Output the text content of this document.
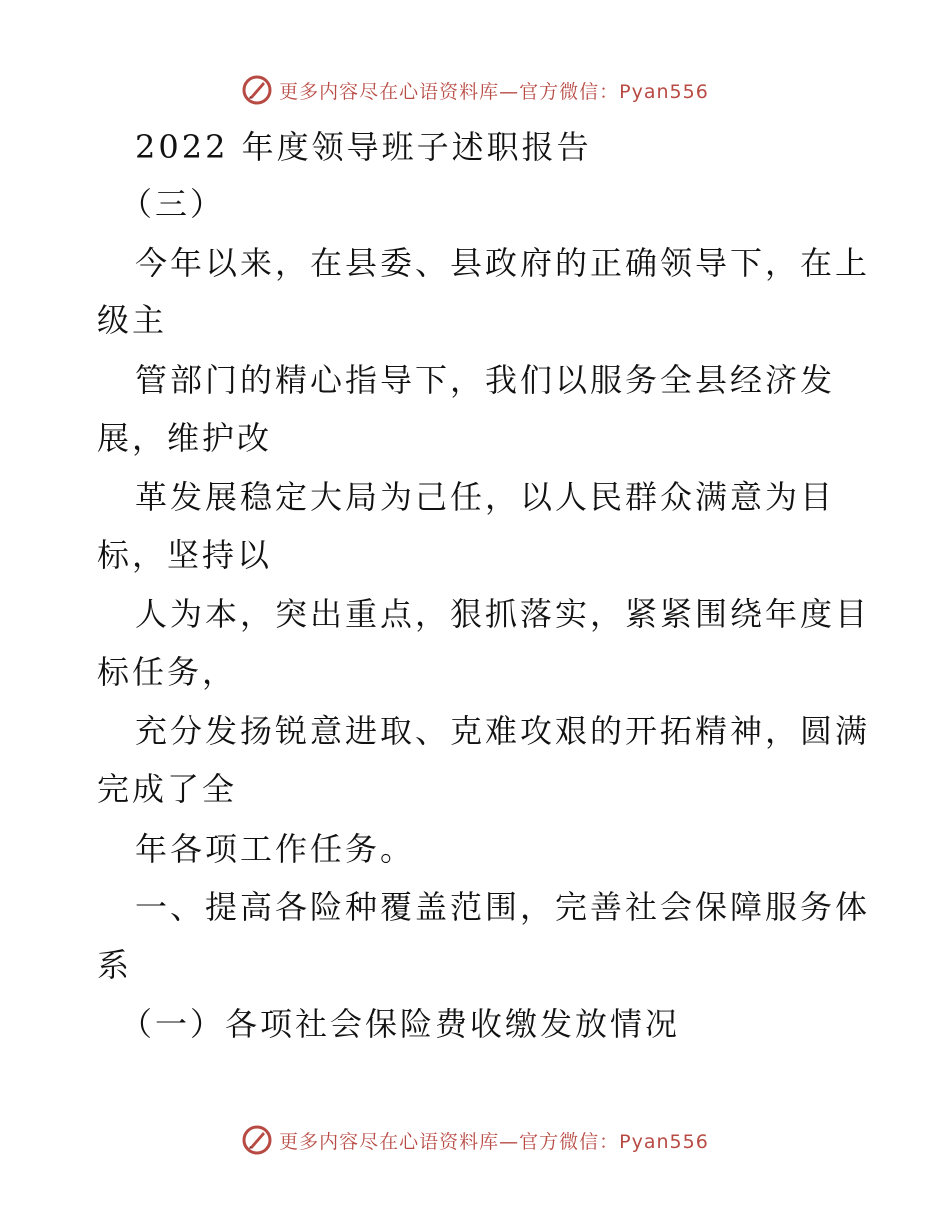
更多内容尽在心语资料库—官方微信：Pyan556
2022 年度领导班子述职报告
（三）
今年以来，在县委、县政府的正确领导下，在上
级主
管部门的精心指导下，我们以服务全县经济发
展，维护改
革发展稳定大局为己任，以人民群众满意为目
标，坚持以
人为本，突出重点，狠抓落实，紧紧围绕年度目
标任务，
充分发扬锐意进取、克难攻艰的开拓精神，圆满
完成了全
年各项工作任务。
一、提高各险种覆盖范围，完善社会保障服务体
系
（一）各项社会保险费收缴发放情况
更多内容尽在心语资料库—官方微信：Pyan556
